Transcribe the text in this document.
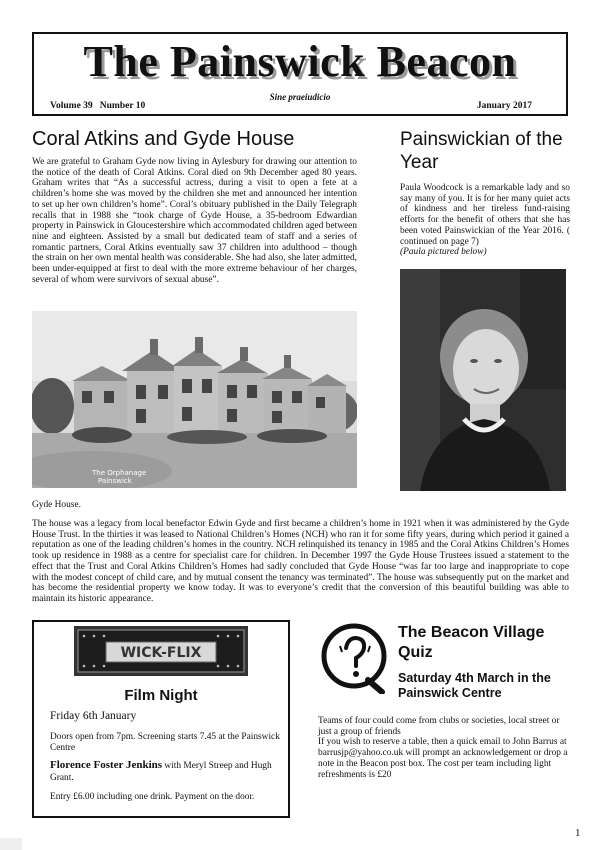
The Painswick Beacon
Sine praeiudicio
Volume 39   Number 10	January 2017
Coral Atkins and Gyde House

We are grateful to Graham Gyde now living in Aylesbury for drawing our attention to the notice of the death of Coral Atkins. Coral died on 9th December aged 80 years. Graham writes that “As a successful actress, during a visit to open a fete at a children’s home she was moved by the children she met and announced her intention to set up her own children’s home”. Coral’s obituary published in the Daily Telegraph recalls that in 1988 she “took charge of Gyde House, a 35-bedroom Edwardian property in Painswick in Gloucestershire which accommodated children aged between nine and eighteen. Assisted by a small but dedicated team of staff and a series of romantic partners, Coral Atkins eventually saw 37 children into adulthood – though the strain on her own mental health was considerable. She had also, she later admitted, been under-equipped at first to deal with the more extreme behaviour of her charges, several of whom were survivors of sexual abuse”.

The Orphanage
Painswick
Gyde House.

The house was a legacy from local benefactor Edwin Gyde and first became a children’s home in 1921 when it was administered by the Gyde House Trust. In the thirties it was leased to National Children’s Homes (NCH) who ran it for some fifty years, during which period it gained a reputation as one of the leading children’s homes in the country. NCH relinquished its tenancy in 1985 and the Coral Atkins Children’s Homes took up residence in 1988 as a centre for specialist care for children. In December 1997 the Gyde House Trustees issued a statement to the effect that the Trust and Coral Atkins Children’s Homes had sadly concluded that Gyde House “was far too large and inappropriate to cope with the modest concept of child care, and by mutual consent the tenancy was terminated”. The house was subsequently put on the market and has become the residential property we know today. It was to everyone’s credit that the conversion of this beautiful building was able to maintain its historic appearance.

Painswickian of the Year
Paula Woodcock is a remarkable lady and so say many of you. It is for her many quiet acts of kindness and her tireless fund-raising efforts for the benefit of others that she has been voted Painswickian of the Year 2016. ( continued on page 7)
(Paula pictured below)
WICK-FLIX
Film Night
Friday 6th January
Doors open from 7pm. Screening starts 7.45 at the Painswick Centre
Florence Foster Jenkins with Meryl Streep and Hugh Grant.
Entry £6.00 including one drink. Payment on the door.
The Beacon Village Quiz
Saturday 4th March in the Painswick Centre
Teams of four could come from clubs or societies, local street or just a group of friends
If you wish to reserve a table, then a quick email to John Barrus at barrusjp@yahoo.co.uk will prompt an acknowledgement or drop a note in the Beacon post box. The cost per team including light refreshments is £20
1
